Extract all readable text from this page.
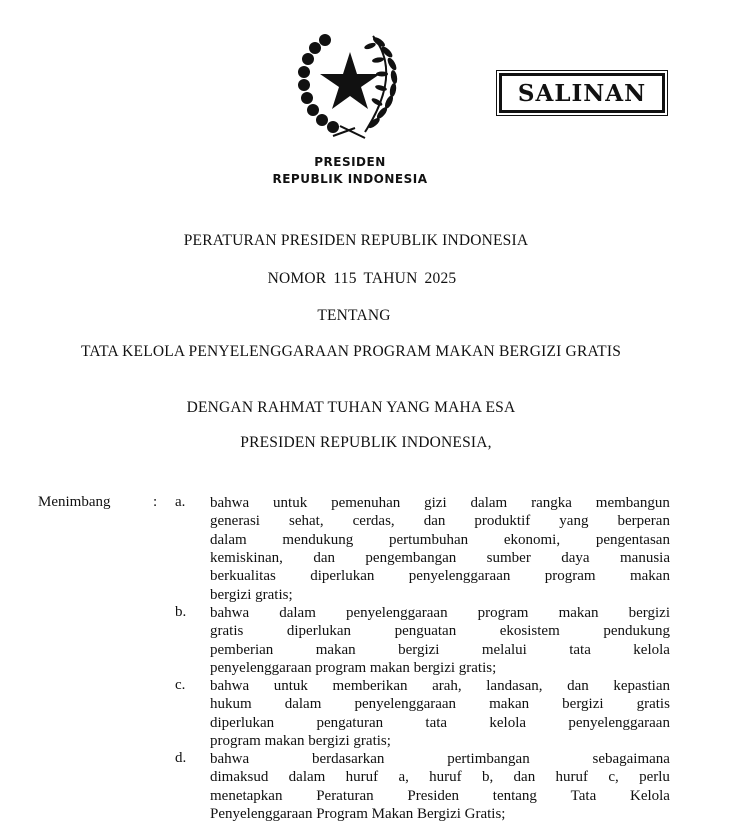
SALINAN
PRESIDEN
REPUBLIK INDONESIA
PERATURAN PRESIDEN REPUBLIK INDONESIA
NOMOR 115 TAHUN 2025
TENTANG
TATA KELOLA PENYELENGGARAAN PROGRAM MAKAN BERGIZI GRATIS
DENGAN RAHMAT TUHAN YANG MAHA ESA
PRESIDEN REPUBLIK INDONESIA,
Menimbang	: a. bahwa untuk pemenuhan gizi dalam rangka membangun
generasi sehat, cerdas, dan produktif yang berperan
dalam mendukung pertumbuhan ekonomi, pengentasan
kemiskinan, dan pengembangan sumber daya manusia
berkualitas diperlukan penyelenggaraan program makan
bergizi gratis;
b. bahwa dalam penyelenggaraan program makan bergizi
gratis	diperlukan	penguatan	ekosistem	pendukung
pemberian	makan	bergizi	melalui	tata	kelola
penyelenggaraan program makan bergizi gratis;
c. bahwa untuk memberikan arah, landasan, dan kepastian
hukum dalam penyelenggaraan makan bergizi gratis
diperlukan	pengaturan	tata	kelola	penyelenggaraan
program makan bergizi gratis;
d. bahwa	berdasarkan	pertimbangan	sebagaimana
dimaksud dalam huruf a, huruf b, dan huruf c, perlu
menetapkan Peraturan Presiden tentang Tata Kelola
Penyelenggaraan Program Makan Bergizi Gratis;
